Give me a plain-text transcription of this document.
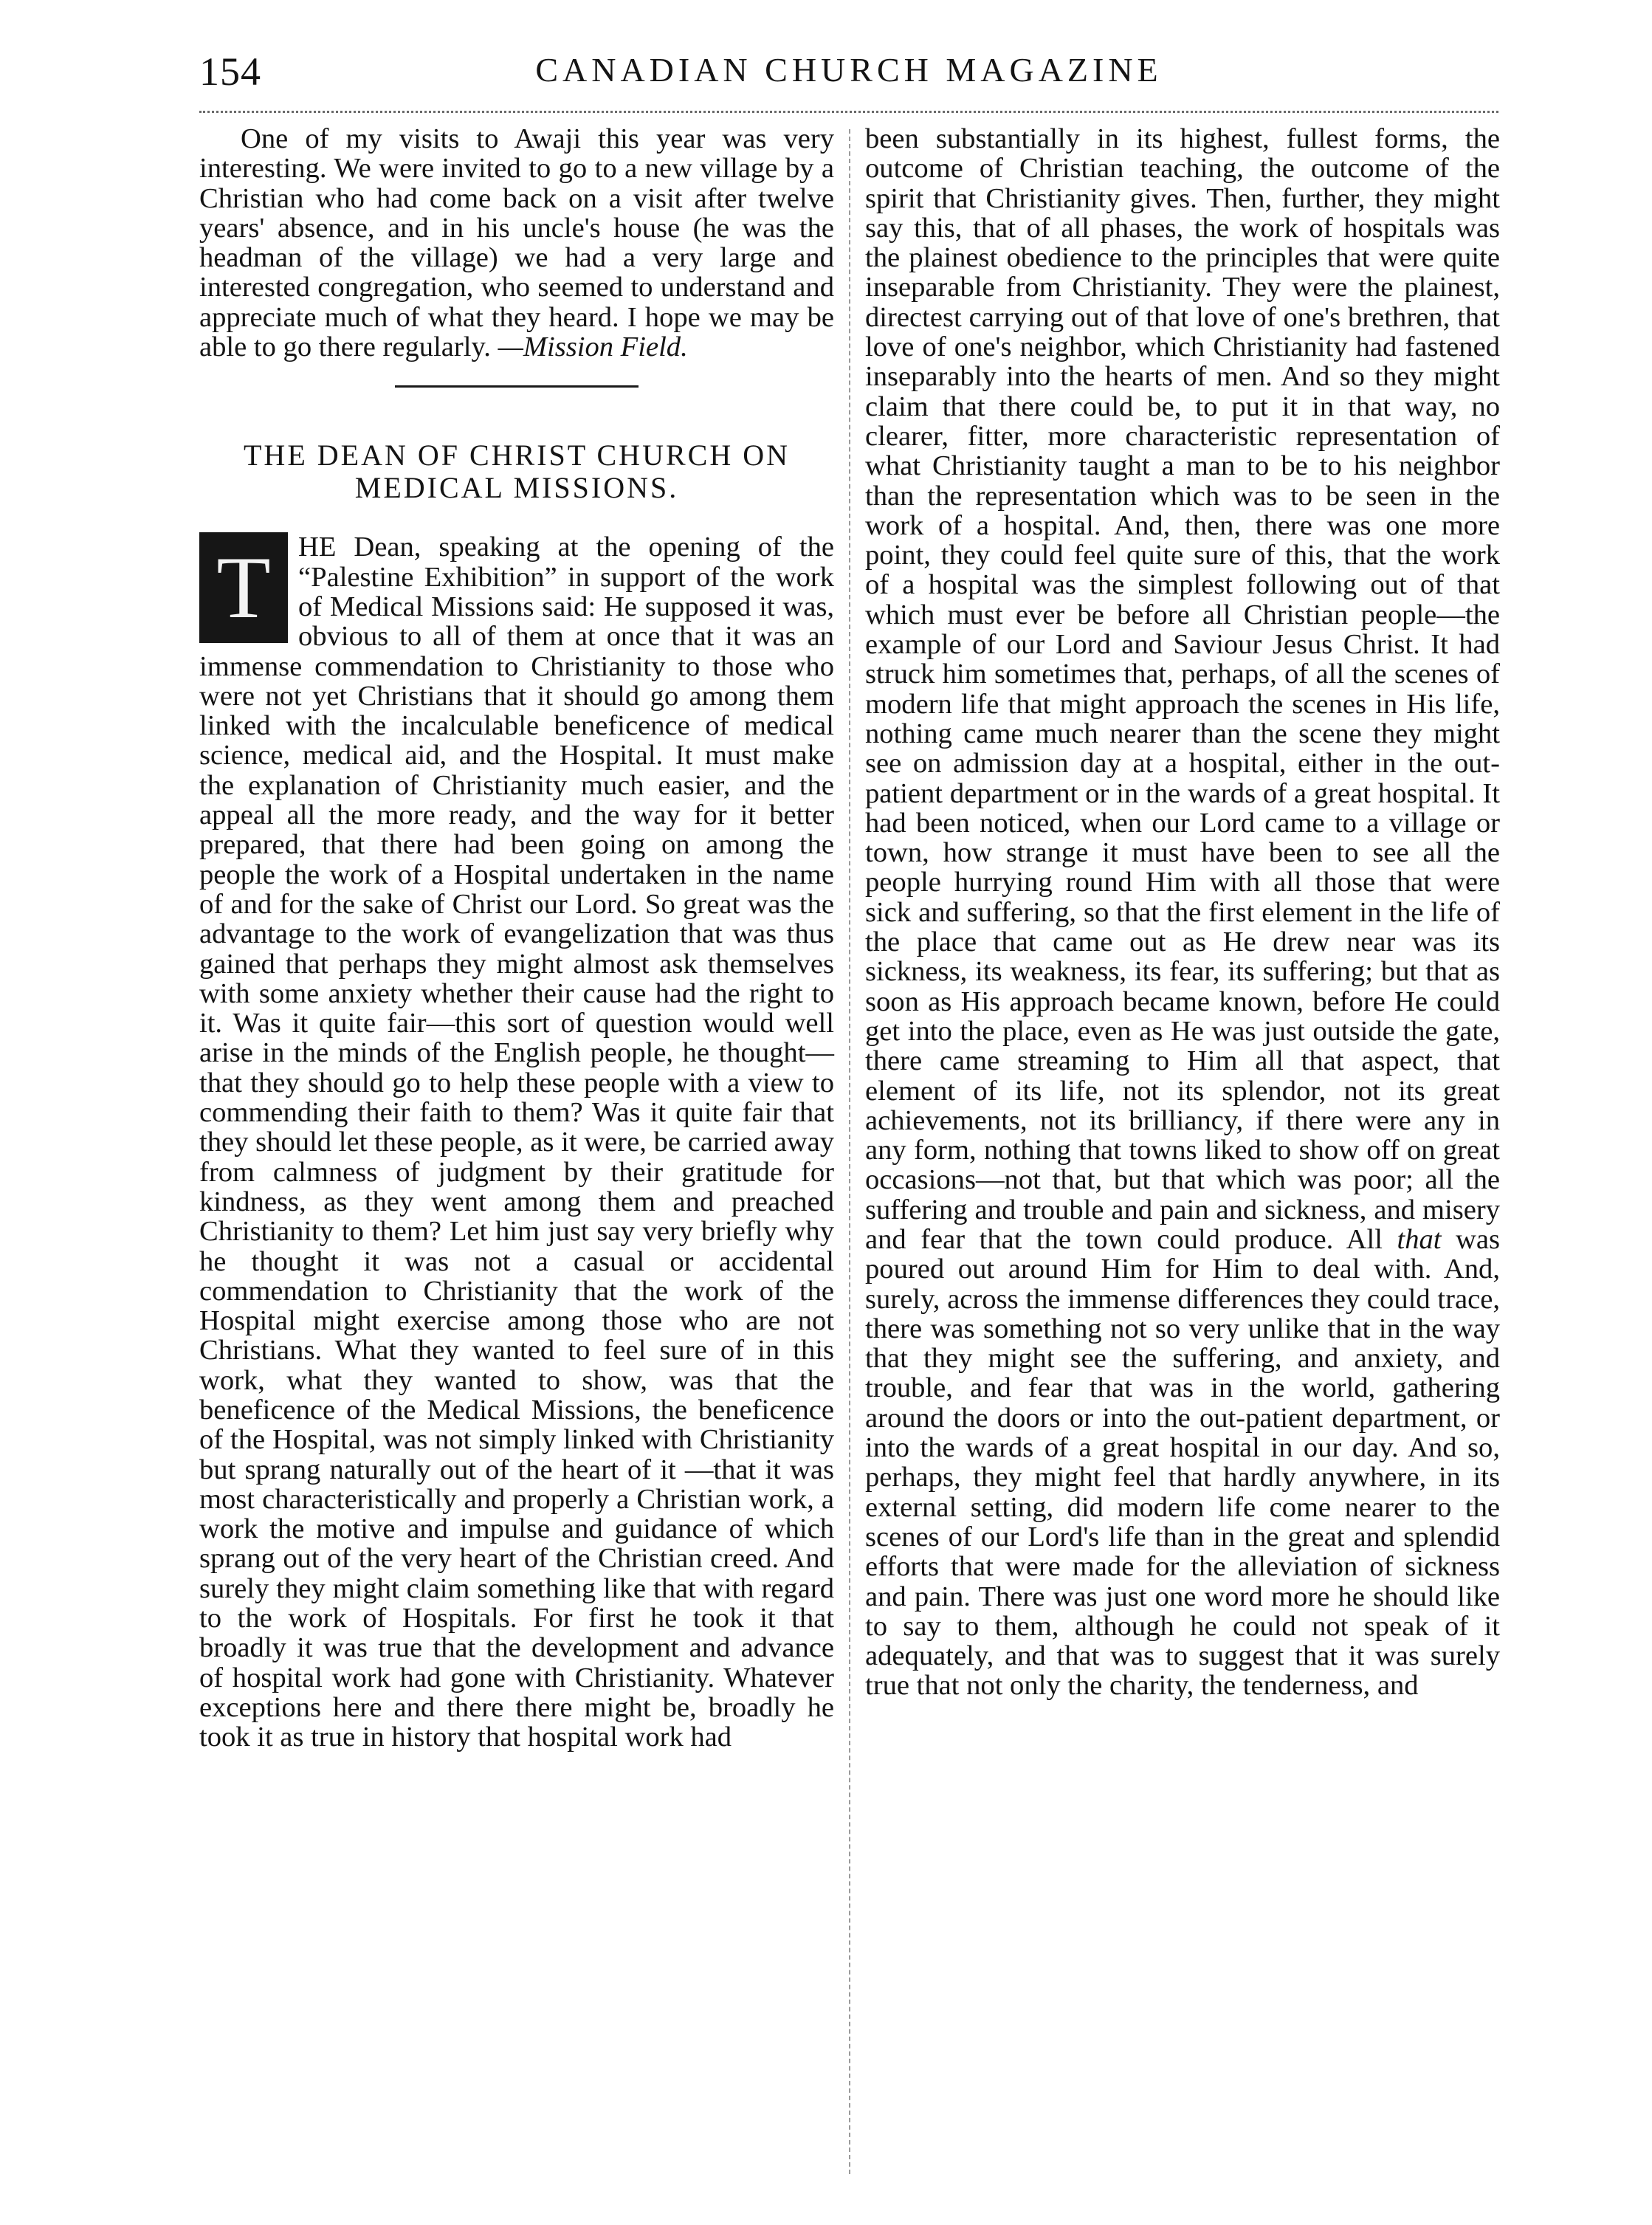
154	CANADIAN CHURCH MAGAZINE

One of my visits to Awaji this year was very interesting. We were invited to go to a new village by a Christian who had come back on a visit after twelve years' absence, and in his uncle's house (he was the headman of the village) we had a very large and interested congregation, who seemed to understand and appreciate much of what they heard. I hope we may be able to go there regularly. —Mission Field.

THE DEAN OF CHRIST CHURCH ON MEDICAL MISSIONS.

T HE Dean, speaking at the opening of the “Palestine Exhibition” in support of the work of Medical Missions said: He supposed it was, obvious to all of them at once that it was an immense commendation to Christianity to those who were not yet Christians that it should go among them linked with the incalculable beneficence of medical science, medical aid, and the Hospital. It must make the explanation of Christianity much easier, and the appeal all the more ready, and the way for it better prepared, that there had been going on among the people the work of a Hospital undertaken in the name of and for the sake of Christ our Lord. So great was the advantage to the work of evangelization that was thus gained that perhaps they might almost ask themselves with some anxiety whether their cause had the right to it. Was it quite fair—this sort of question would well arise in the minds of the English people, he thought—that they should go to help these people with a view to commending their faith to them? Was it quite fair that they should let these people, as it were, be carried away from calmness of judgment by their gratitude for kindness, as they went among them and preached Christianity to them? Let him just say very briefly why he thought it was not a casual or accidental commendation to Christianity that the work of the Hospital might exercise among those who are not Christians. What they wanted to feel sure of in this work, what they wanted to show, was that the beneficence of the Medical Missions, the beneficence of the Hospital, was not simply linked with Christianity but sprang naturally out of the heart of it —that it was most characteristically and properly a Christian work, a work the motive and impulse and guidance of which sprang out of the very heart of the Christian creed. And surely they might claim something like that with regard to the work of Hospitals. For first he took it that broadly it was true that the development and advance of hospital work had gone with Christianity. Whatever exceptions here and there there might be, broadly he took it as true in history that hospital work had

been substantially in its highest, fullest forms, the outcome of Christian teaching, the outcome of the spirit that Christianity gives. Then, further, they might say this, that of all phases, the work of hospitals was the plainest obedience to the principles that were quite inseparable from Christianity. They were the plainest, directest carrying out of that love of one's brethren, that love of one's neighbor, which Christianity had fastened inseparably into the hearts of men. And so they might claim that there could be, to put it in that way, no clearer, fitter, more characteristic representation of what Christianity taught a man to be to his neighbor than the representation which was to be seen in the work of a hospital. And, then, there was one more point, they could feel quite sure of this, that the work of a hospital was the simplest following out of that which must ever be before all Christian people—the example of our Lord and Saviour Jesus Christ. It had struck him sometimes that, perhaps, of all the scenes of modern life that might approach the scenes in His life, nothing came much nearer than the scene they might see on admission day at a hospital, either in the out-patient department or in the wards of a great hospital. It had been noticed, when our Lord came to a village or town, how strange it must have been to see all the people hurrying round Him with all those that were sick and suffering, so that the first element in the life of the place that came out as He drew near was its sickness, its weakness, its fear, its suffering; but that as soon as His approach became known, before He could get into the place, even as He was just outside the gate, there came streaming to Him all that aspect, that element of its life, not its splendor, not its great achievements, not its brilliancy, if there were any in any form, nothing that towns liked to show off on great occasions—not that, but that which was poor; all the suffering and trouble and pain and sickness, and misery and fear that the town could produce. All that was poured out around Him for Him to deal with. And, surely, across the immense differences they could trace, there was something not so very unlike that in the way that they might see the suffering, and anxiety, and trouble, and fear that was in the world, gathering around the doors or into the out-patient department, or into the wards of a great hospital in our day. And so, perhaps, they might feel that hardly anywhere, in its external setting, did modern life come nearer to the scenes of our Lord's life than in the great and splendid efforts that were made for the alleviation of sickness and pain. There was just one word more he should like to say to them, although he could not speak of it adequately, and that was to suggest that it was surely true that not only the charity, the tenderness, and
